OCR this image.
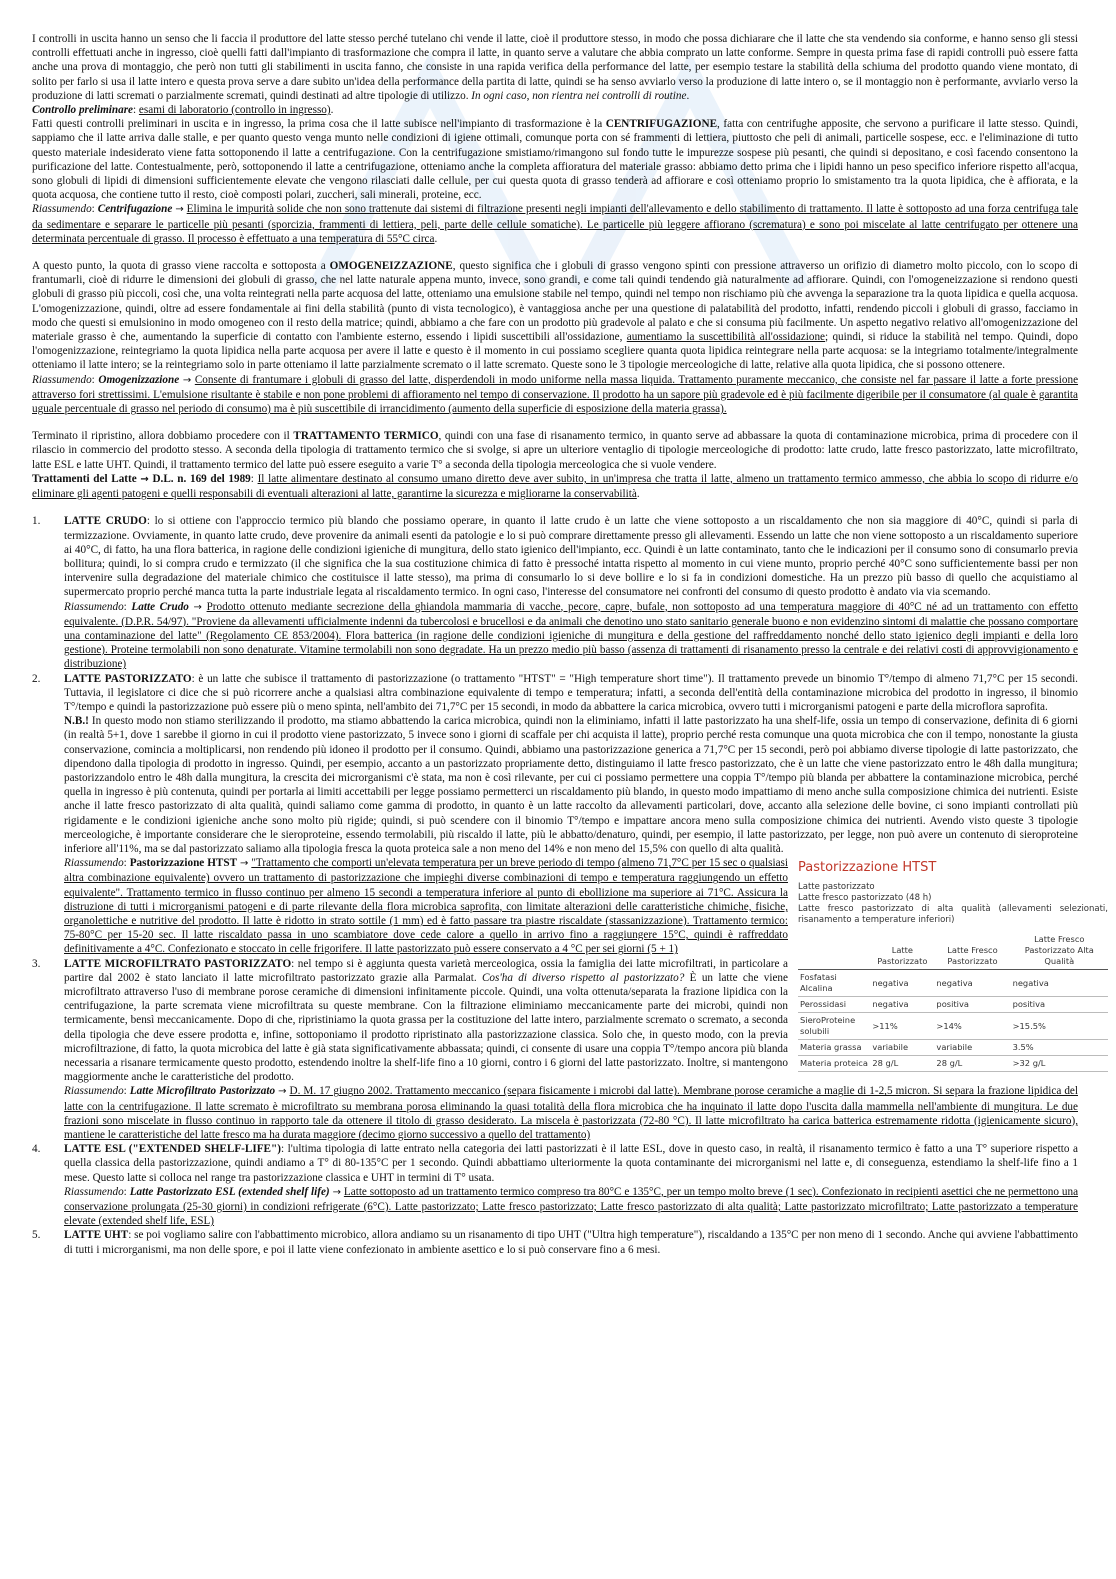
I controlli in uscita hanno un senso che li faccia il produttore del latte stesso perché tutelano chi vende il latte, cioè il produttore stesso, in modo che possa dichiarare che il latte che sta vendendo sia conforme, e hanno senso gli stessi controlli effettuati anche in ingresso, cioè quelli fatti dall'impianto di trasformazione che compra il latte, in quanto serve a valutare che abbia comprato un latte conforme. Sempre in questa prima fase di rapidi controlli può essere fatta anche una prova di montaggio, che però non tutti gli stabilimenti in uscita fanno, che consiste in una rapida verifica della performance del latte, per esempio testare la stabilità della schiuma del prodotto quando viene montato, di solito per farlo si usa il latte intero e questa prova serve a dare subito un'idea della performance della partita di latte, quindi se ha senso avviarlo verso la produzione di latte intero o, se il montaggio non è performante, avviarlo verso la produzione di latti scremati o parzialmente scremati, quindi destinati ad altre tipologie di utilizzo. In ogni caso, non rientra nei controlli di routine.

Controllo preliminare: esami di laboratorio (controllo in ingresso).

Fatti questi controlli preliminari in uscita e in ingresso, la prima cosa che il latte subisce nell'impianto di trasformazione è la CENTRIFUGAZIONE, fatta con centrifughe apposite, che servono a purificare il latte stesso. Quindi, sappiamo che il latte arriva dalle stalle, e per quanto questo venga munto nelle condizioni di igiene ottimali, comunque porta con sé frammenti di lettiera, piuttosto che peli di animali, particelle sospese, ecc. e l'eliminazione di tutto questo materiale indesiderato viene fatta sottoponendo il latte a centrifugazione. Con la centrifugazione smistiamo/rimangono sul fondo tutte le impurezze sospese più pesanti, che quindi si depositano, e così facendo consentono la purificazione del latte. Contestualmente, però, sottoponendo il latte a centrifugazione, otteniamo anche la completa affioratura del materiale grasso: abbiamo detto prima che i lipidi hanno un peso specifico inferiore rispetto all'acqua, sono globuli di lipidi di dimensioni sufficientemente elevate che vengono rilasciati dalle cellule, per cui questa quota di grasso tenderà ad affiorare e così otteniamo proprio lo smistamento tra la quota lipidica, che è affiorata, e la quota acquosa, che contiene tutto il resto, cioè composti polari, zuccheri, sali minerali, proteine, ecc.

Riassumendo: Centrifugazione → Elimina le impurità solide che non sono trattenute dai sistemi di filtrazione presenti negli impianti dell'allevamento e dello stabilimento di trattamento. Il latte è sottoposto ad una forza centrifuga tale da sedimentare e separare le particelle più pesanti (sporcizia, frammenti di lettiera, peli, parte delle cellule somatiche). Le particelle più leggere affiorano (scrematura) e sono poi miscelate al latte centrifugato per ottenere una determinata percentuale di grasso. Il processo è effettuato a una temperatura di 55°C circa.

A questo punto, la quota di grasso viene raccolta e sottoposta a OMOGENEIZZAZIONE, questo significa che i globuli di grasso vengono spinti con pressione attraverso un orifizio di diametro molto piccolo, con lo scopo di frantumarli, cioè di ridurre le dimensioni dei globuli di grasso, che nel latte naturale appena munto, invece, sono grandi, e come tali quindi tendendo già naturalmente ad affiorare. Quindi, con l'omogeneizzazione si rendono questi globuli di grasso più piccoli, così che, una volta reintegrati nella parte acquosa del latte, otteniamo una emulsione stabile nel tempo, quindi nel tempo non rischiamo più che avvenga la separazione tra la quota lipidica e quella acquosa. L'omogenizzazione, quindi, oltre ad essere fondamentale ai fini della stabilità (punto di vista tecnologico), è vantaggiosa anche per una questione di palatabilità del prodotto, infatti, rendendo piccoli i globuli di grasso, facciamo in modo che questi si emulsionino in modo omogeneo con il resto della matrice; quindi, abbiamo a che fare con un prodotto più gradevole al palato e che si consuma più facilmente. Un aspetto negativo relativo all'omogenizzazione del materiale grasso è che, aumentando la superficie di contatto con l'ambiente esterno, essendo i lipidi suscettibili all'ossidazione, aumentiamo la suscettibilità all'ossidazione; quindi, si riduce la stabilità nel tempo. Quindi, dopo l'omogenizzazione, reintegriamo la quota lipidica nella parte acquosa per avere il latte e questo è il momento in cui possiamo scegliere quanta quota lipidica reintegrare nella parte acquosa: se la integriamo totalmente/integralmente otteniamo il latte intero; se la reintegriamo solo in parte otteniamo il latte parzialmente scremato o il latte scremato. Queste sono le 3 tipologie merceologiche di latte, relative alla quota lipidica, che si possono ottenere.

Riassumendo: Omogenizzazione → Consente di frantumare i globuli di grasso del latte, disperdendoli in modo uniforme nella massa liquida. Trattamento puramente meccanico, che consiste nel far passare il latte a forte pressione attraverso fori strettissimi. L'emulsione risultante è stabile e non pone problemi di affioramento nel tempo di conservazione. Il prodotto ha un sapore più gradevole ed è più facilmente digeribile per il consumatore (al quale è garantita uguale percentuale di grasso nel periodo di consumo) ma è più suscettibile di irrancidimento (aumento della superficie di esposizione della materia grassa).

Terminato il ripristino, allora dobbiamo procedere con il TRATTAMENTO TERMICO, quindi con una fase di risanamento termico, in quanto serve ad abbassare la quota di contaminazione microbica, prima di procedere con il rilascio in commercio del prodotto stesso. A seconda della tipologia di trattamento termico che si svolge, si apre un ulteriore ventaglio di tipologie merceologiche di prodotto: latte crudo, latte fresco pastorizzato, latte microfiltrato, latte ESL e latte UHT. Quindi, il trattamento termico del latte può essere eseguito a varie T° a seconda della tipologia merceologica che si vuole vendere.

Trattamenti del Latte → D.L. n. 169 del 1989: Il latte alimentare destinato al consumo umano diretto deve aver subito, in un'impresa che tratta il latte, almeno un trattamento termico ammesso, che abbia lo scopo di ridurre e/o eliminare gli agenti patogeni e quelli responsabili di eventuali alterazioni al latte, garantirne la sicurezza e migliorarne la conservabilità.

1. LATTE CRUDO: lo si ottiene con l'approccio termico più blando che possiamo operare, in quanto il latte crudo è un latte che viene sottoposto a un riscaldamento che non sia maggiore di 40°C, quindi si parla di termizzazione. Ovviamente, in quanto latte crudo, deve provenire da animali esenti da patologie e lo si può comprare direttamente presso gli allevamenti. Essendo un latte che non viene sottoposto a un riscaldamento superiore ai 40°C, di fatto, ha una flora batterica, in ragione delle condizioni igieniche di mungitura, dello stato igienico dell'impianto, ecc. Quindi è un latte contaminato, tanto che le indicazioni per il consumo sono di consumarlo previa bollitura; quindi, lo si compra crudo e termizzato (il che significa che la sua costituzione chimica di fatto è pressoché intatta rispetto al momento in cui viene munto, proprio perché 40°C sono sufficientemente bassi per non intervenire sulla degradazione del materiale chimico che costituisce il latte stesso), ma prima di consumarlo lo si deve bollire e lo si fa in condizioni domestiche. Ha un prezzo più basso di quello che acquistiamo al supermercato proprio perché manca tutta la parte industriale legata al riscaldamento termico. In ogni caso, l'interesse del consumatore nei confronti del consumo di questo prodotto è andato via via scemando.

Riassumendo: Latte Crudo → Prodotto ottenuto mediante secrezione della ghiandola mammaria di vacche, pecore, capre, bufale, non sottoposto ad una temperatura maggiore di 40°C né ad un trattamento con effetto equivalente. (D.P.R. 54/97). "Proviene da allevamenti ufficialmente indenni da tubercolosi e brucellosi e da animali che denotino uno stato sanitario generale buono e non evidenzino sintomi di malattie che possano comportare una contaminazione del latte" (Regolamento CE 853/2004). Flora batterica (in ragione delle condizioni igieniche di mungitura e della gestione del raffreddamento nonché dello stato igienico degli impianti e della loro gestione). Proteine termolabili non sono denaturate. Vitamine termolabili non sono degradate. Ha un prezzo medio più basso (assenza di trattamenti di risanamento presso la centrale e dei relativi costi di approvvigionamento e distribuzione)

2. LATTE PASTORIZZATO: è un latte che subisce il trattamento di pastorizzazione (o trattamento "HTST" = "High temperature short time"). Il trattamento prevede un binomio T°/tempo di almeno 71,7°C per 15 secondi. Tuttavia, il legislatore ci dice che si può ricorrere anche a qualsiasi altra combinazione equivalente di tempo e temperatura; infatti, a seconda dell'entità della contaminazione microbica del prodotto in ingresso, il binomio T°/tempo e quindi la pastorizzazione può essere più o meno spinta, nell'ambito dei 71,7°C per 15 secondi, in modo da abbattere la carica microbica, ovvero tutti i microrganismi patogeni e parte della microflora saprofita.

N.B.! In questo modo non stiamo sterilizzando il prodotto, ma stiamo abbattendo la carica microbica, quindi non la eliminiamo, infatti il latte pastorizzato ha una shelf-life, ossia un tempo di conservazione, definita di 6 giorni (in realtà 5+1, dove 1 sarebbe il giorno in cui il prodotto viene pastorizzato, 5 invece sono i giorni di scaffale per chi acquista il latte), proprio perché resta comunque una quota microbica che con il tempo, nonostante la giusta conservazione, comincia a moltiplicarsi, non rendendo più idoneo il prodotto per il consumo. Quindi, abbiamo una pastorizzazione generica a 71,7°C per 15 secondi, però poi abbiamo diverse tipologie di latte pastorizzato, che dipendono dalla tipologia di prodotto in ingresso. Quindi, per esempio, accanto a un pastorizzato propriamente detto, distinguiamo il latte fresco pastorizzato, che è un latte che viene pastorizzato entro le 48h dalla mungitura; pastorizzandolo entro le 48h dalla mungitura, la crescita dei microrganismi c'è stata, ma non è così rilevante, per cui ci possiamo permettere una coppia T°/tempo più blanda per abbattere la contaminazione microbica, perché quella in ingresso è più contenuta, quindi per portarla ai limiti accettabili per legge possiamo permetterci un riscaldamento più blando, in questo modo impattiamo di meno anche sulla composizione chimica dei nutrienti. Esiste anche il latte fresco pastorizzato di alta qualità, quindi saliamo come gamma di prodotto, in quanto è un latte raccolto da allevamenti particolari, dove, accanto alla selezione delle bovine, ci sono impianti controllati più rigidamente e le condizioni igieniche anche sono molto più rigide; quindi, si può scendere con il binomio T°/tempo e impattare ancora meno sulla composizione chimica dei nutrienti. Avendo visto queste 3 tipologie merceologiche, è importante considerare che le sieroproteine, essendo termolabili, più riscaldo il latte, più le abbatto/denaturo, quindi, per esempio, il latte pastorizzato, per legge, non può avere un contenuto di sieroproteine inferiore all'11%, ma se dal pastorizzato saliamo alla tipologia fresca la quota proteica sale a non meno del 14% e non meno del 15,5% con quello di alta qualità.

Pastorizzazione HTST
Latte pastorizzato
Latte fresco pastorizzato (48 h)
Latte fresco pastorizzato di alta qualità (allevamenti selezionati, risanamento a temperature inferiori)
	Latte Pastorizzato	Latte Fresco Pastorizzato	Latte Fresco Pastorizzato Alta Qualità
Fosfatasi Alcalina	negativa	negativa	negativa
Perossidasi	negativa	positiva	positiva
SieroProteine solubili	>11%	>14%	>15.5%
Materia grassa	variabile	variabile	3.5%
Materia proteica	28 g/L	28 g/L	>32 g/L

Riassumendo: Pastorizzazione HTST → "Trattamento che comporti un'elevata temperatura per un breve periodo di tempo (almeno 71,7°C per 15 sec o qualsiasi altra combinazione equivalente) ovvero un trattamento di pastorizzazione che impieghi diverse combinazioni di tempo e temperatura raggiungendo un effetto equivalente". Trattamento termico in flusso continuo per almeno 15 secondi a temperatura inferiore al punto di ebollizione ma superiore ai 71°C. Assicura la distruzione di tutti i microrganismi patogeni e di parte rilevante della flora microbica saprofita, con limitate alterazioni delle caratteristiche chimiche, fisiche, organolettiche e nutritive del prodotto. Il latte è ridotto in strato sottile (1 mm) ed è fatto passare tra piastre riscaldate (stassanizzazione). Trattamento termico: 75-80°C per 15-20 sec. Il latte riscaldato passa in uno scambiatore dove cede calore a quello in arrivo fino a raggiungere 15°C, quindi è raffreddato definitivamente a 4°C. Confezionato e stoccato in celle frigorifere. Il latte pastorizzato può essere conservato a 4 °C per sei giorni (5 + 1)

3. LATTE MICROFILTRATO PASTORIZZATO: nel tempo si è aggiunta questa varietà merceologica, ossia la famiglia dei latte microfiltrati, in particolare a partire dal 2002 è stato lanciato il latte microfiltrato pastorizzato grazie alla Parmalat. Cos'ha di diverso rispetto al pastorizzato? È un latte che viene microfiltrato attraverso l'uso di membrane porose ceramiche di dimensioni infinitamente piccole. Quindi, una volta ottenuta/separata la frazione lipidica con la centrifugazione, la parte scremata viene microfiltrata su queste membrane. Con la filtrazione eliminiamo meccanicamente parte dei microbi, quindi non termicamente, bensì meccanicamente. Dopo di che, ripristiniamo la quota grassa per la costituzione del latte intero, parzialmente scremato o scremato, a seconda della tipologia che deve essere prodotta e, infine, sottoponiamo il prodotto ripristinato alla pastorizzazione classica. Solo che, in questo modo, con la previa microfiltrazione, di fatto, la quota microbica del latte è già stata significativamente abbassata; quindi, ci consente di usare una coppia T°/tempo ancora più blanda necessaria a risanare termicamente questo prodotto, estendendo inoltre la shelf-life fino a 10 giorni, contro i 6 giorni del latte pastorizzato. Inoltre, si mantengono maggiormente anche le caratteristiche del prodotto.

Riassumendo: Latte Microfiltrato Pastorizzato → D. M. 17 giugno 2002. Trattamento meccanico (separa fisicamente i microbi dal latte). Membrane porose ceramiche a maglie di 1-2,5 micron. Si separa la frazione lipidica del latte con la centrifugazione. Il latte scremato è microfiltrato su membrana porosa eliminando la quasi totalità della flora microbica che ha inquinato il latte dopo l'uscita dalla mammella nell'ambiente di mungitura. Le due frazioni sono miscelate in flusso continuo in rapporto tale da ottenere il titolo di grasso desiderato. La miscela è pastorizzata (72-80 °C). Il latte microfiltrato ha carica batterica estremamente ridotta (igienicamente sicuro), mantiene le caratteristiche del latte fresco ma ha durata maggiore (decimo giorno successivo a quello del trattamento)

4. LATTE ESL ("EXTENDED SHELF-LIFE"): l'ultima tipologia di latte entrato nella categoria dei latti pastorizzati è il latte ESL, dove in questo caso, in realtà, il risanamento termico è fatto a una T° superiore rispetto a quella classica della pastorizzazione, quindi andiamo a T° di 80-135°C per 1 secondo. Quindi abbattiamo ulteriormente la quota contaminante dei microrganismi nel latte e, di conseguenza, estendiamo la shelf-life fino a 1 mese. Questo latte si colloca nel range tra pastorizzazione classica e UHT in termini di T° usata.

Riassumendo: Latte Pastorizzato ESL (extended shelf life) → Latte sottoposto ad un trattamento termico compreso tra 80°C e 135°C, per un tempo molto breve (1 sec). Confezionato in recipienti asettici che ne permettono una conservazione prolungata (25-30 giorni) in condizioni refrigerate (6°C). Latte pastorizzato; Latte fresco pastorizzato; Latte fresco pastorizzato di alta qualità; Latte pastorizzato microfiltrato; Latte pastorizzato a temperature elevate (extended shelf life, ESL)

5. LATTE UHT: se poi vogliamo salire con l'abbattimento microbico, allora andiamo su un risanamento di tipo UHT ("Ultra high temperature"), riscaldando a 135°C per non meno di 1 secondo. Anche qui avviene l'abbattimento di tutti i microrganismi, ma non delle spore, e poi il latte viene confezionato in ambiente asettico e lo si può conservare fino a 6 mesi.
